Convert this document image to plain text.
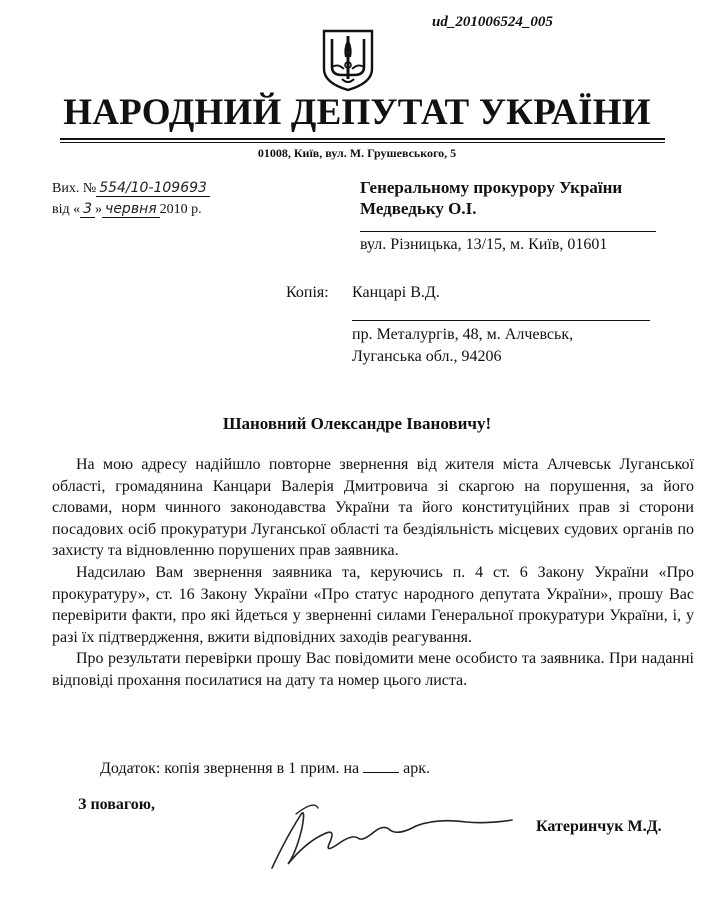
ud_201006524_005
НАРОДНИЙ ДЕПУТАТ УКРАЇНИ
01008, Київ, вул. М. Грушевського, 5
Вих. № 554/10-109693
від « 3 » червня 2010 р.
Генеральному прокурору України
Медведьку О.І.
вул. Різницька, 13/15, м. Київ, 01601
Копія: Канцарі В.Д.
пр. Металургів, 48, м. Алчевськ,
Луганська обл., 94206
Шановний Олександре Івановичу!

На мою адресу надійшло повторне звернення від жителя міста Алчевськ Луганської області, громадянина Канцари Валерія Дмитровича зі скаргою на порушення, за його словами, норм чинного законодавства України та його конституційних прав зі сторони посадових осіб прокуратури Луганської області та бездіяльність місцевих судових органів по захисту та відновленню порушених прав заявника.

Надсилаю Вам звернення заявника та, керуючись п. 4 ст. 6 Закону України «Про прокуратуру», ст. 16 Закону України «Про статус народного депутата України», прошу Вас перевірити факти, про які йдеться у зверненні силами Генеральної прокуратури України, і, у разі їх підтвердження, вжити відповідних заходів реагування.

Про результати перевірки прошу Вас повідомити мене особисто та заявника. При наданні відповіді прохання посилатися на дату та номер цього листа.

Додаток: копія звернення в 1 прим. на	арк.
З повагою,
Катеринчук М.Д.
